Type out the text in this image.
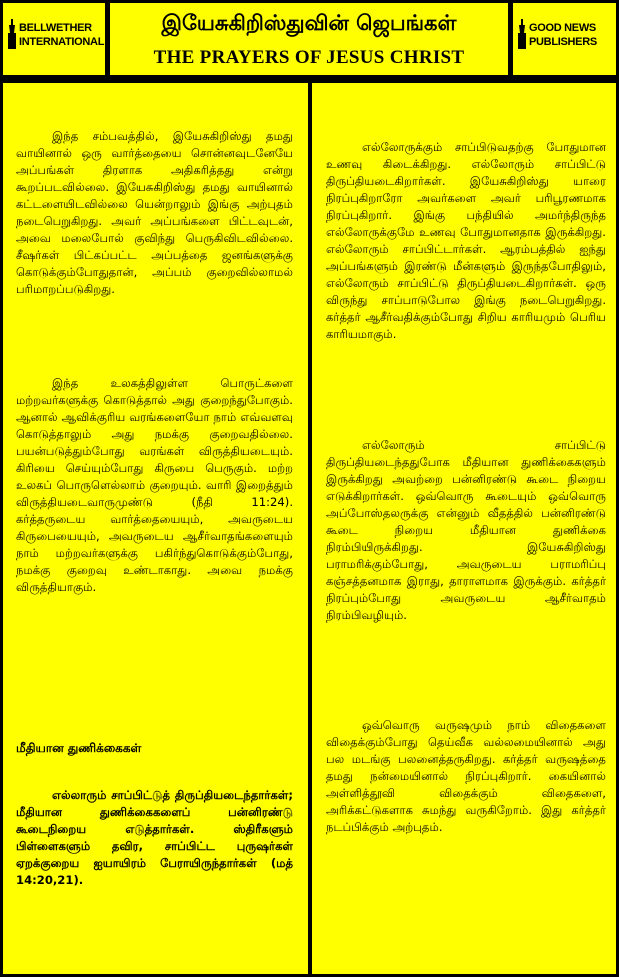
BELLWETHER
INTERNATIONAL
இயேசுகிறிஸ்துவின் ஜெபங்கள்
THE PRAYERS OF JESUS CHRIST
GOOD NEWS
PUBLISHERS

இந்த சம்பவத்தில், இயேசுகிறிஸ்து தமது வாயினால் ஒரு வார்த்தையை சொன்னவுடனேயே அப்பங்கள் திரளாக அதிகரித்தது என்று கூறப்படவில்லை. இயேசுகிறிஸ்து தமது வாயினால் கட்டளையிடவில்லை யென்றாலும் இங்கு அற்புதம் நடைபெறுகிறது. அவர் அப்பங்களை பிட்டவுடன், அவை மலைபோல் குவிந்து பெருகிவிடவில்லை. சீஷர்கள் பிட்கப்பட்ட அப்பத்தை ஜனங்களுக்கு கொடுக்கும்போதுதான், அப்பம் குறைவில்லாமல் பரிமாறப்படுகிறது.

இந்த உலகத்திலுள்ள பொருட்களை மற்றவர்களுக்கு கொடுத்தால் அது குறைந்துபோகும். ஆனால் ஆவிக்குரிய வரங்களையோ நாம் எவ்வளவு கொடுத்தாலும் அது நமக்கு குறைவதில்லை. பயன்படுத்தும்போது வரங்கள் விருத்தியடையும். கிரியை செய்யும்போது கிருபை பெருகும். மற்ற உலகப் பொருளெல்லாம் குறையும். வாரி இறைத்தும் விருத்தியடைவாருமுண்டு (நீதி 11:24). கர்த்தருடைய வார்த்தையையும், அவருடைய கிருபையையும், அவருடைய ஆசீர்வாதங்களையும் நாம் மற்றவர்களுக்கு பகிர்ந்துகொடுக்கும்போது, நமக்கு குறைவு உண்டாகாது. அவை நமக்கு விருத்தியாகும்.

மீதியான துணிக்கைகள்

எல்லாரும் சாப்பிட்டுத் திருப்தியடைந்தார்கள்; மீதியான துணிக்கைகளைப் பன்னிரண்டு கூடைநிறைய எடுத்தார்கள். ஸ்திரீகளும் பிள்ளைகளும் தவிர, சாப்பிட்ட புருஷர்கள் ஏறக்குறைய ஐயாயிரம் பேராயிருந்தார்கள் (மத் 14:20,21).

எல்லோருக்கும் சாப்பிடுவதற்கு போதுமான உணவு கிடைக்கிறது. எல்லோரும் சாப்பிட்டு திருப்தியடைகிறார்கள். இயேசுகிறிஸ்து யாரை நிரப்புகிறாரோ அவர்களை அவர் பரிபூரணமாக நிரப்புகிறார். இங்கு பந்தியில் அமர்ந்திருந்த எல்லோருக்குமே உணவு போதுமானதாக இருக்கிறது. எல்லோரும் சாப்பிட்டார்கள். ஆரம்பத்தில் ஐந்து அப்பங்களும் இரண்டு மீன்களும் இருந்தபோதிலும், எல்லோரும் சாப்பிட்டு திருப்தியடைகிறார்கள். ஒரு விருந்து சாப்பாடுபோல இங்கு நடைபெறுகிறது. கர்த்தர் ஆசீர்வதிக்கும்போது சிறிய காரியமும் பெரிய காரியமாகும்.

எல்லோரும் சாப்பிட்டு திருப்தியடைந்ததுபோக மீதியான துணிக்கைகளும் இருக்கிறது அவற்றை பன்னிரண்டு கூடை நிறைய எடுக்கிறார்கள். ஒவ்வொரு கூடையும் ஒவ்வொரு அப்போஸ்தலருக்கு என்னும் வீதத்தில் பன்னிரண்டு கூடை நிறைய மீதியான துணிக்கை நிரம்பியிருக்கிறது. இயேசுகிறிஸ்து பராமரிக்கும்போது, அவருடைய பராமரிப்பு கஞ்சத்தனமாக இராது, தாராளமாக இருக்கும். கர்த்தர் நிரப்பும்போது அவருடைய ஆசீர்வாதம் நிரம்பிவழியும்.

ஒவ்வொரு வருஷமும் நாம் விதைகளை விதைக்கும்போது தெய்வீக வல்லமையினால் அது பல மடங்கு பலனைத்தருகிறது. கர்த்தர் வருஷத்தை தமது நன்மையினால் நிரப்புகிறார். கையினால் அள்ளித்தூவி விதைக்கும் விதைகளை, அரிக்கட்டுகளாக சுமந்து வருகிறோம். இது கர்த்தர் நடப்பிக்கும் அற்புதம்.
